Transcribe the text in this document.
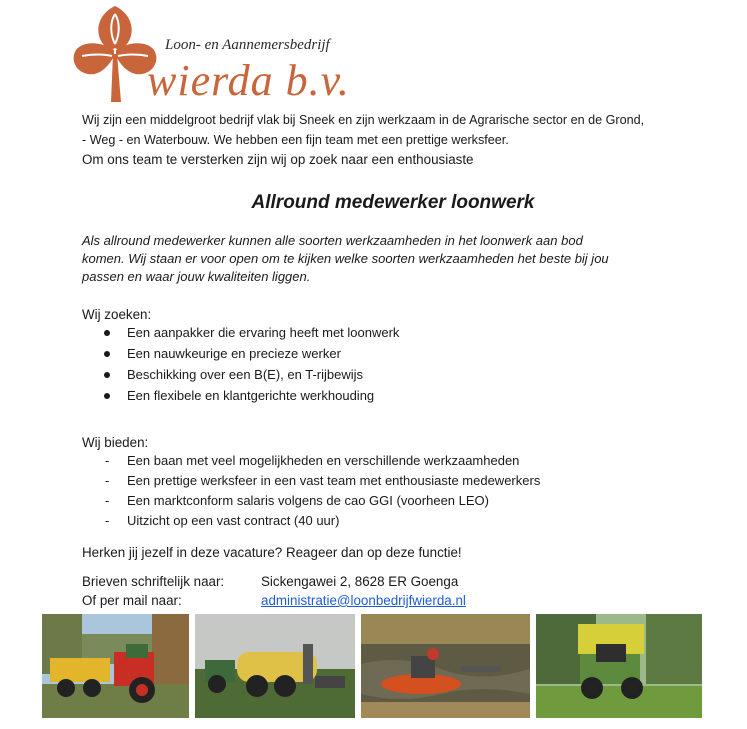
Loon- en Aannemersbedrijf
wierda b.v.
Wij zijn een middelgroot bedrijf vlak bij Sneek en zijn werkzaam in de Agrarische sector en de Grond,
- Weg - en Waterbouw. We hebben een fijn team met een prettige werksfeer.
Om ons team te versterken zijn wij op zoek naar een enthousiaste
Allround medewerker loonwerk
Als allround medewerker kunnen alle soorten werkzaamheden in het loonwerk aan bod
komen. Wij staan er voor open om te kijken welke soorten werkzaamheden het beste bij jou
passen en waar jouw kwaliteiten liggen.
Wij zoeken:
Een aanpakker die ervaring heeft met loonwerk
Een nauwkeurige en precieze werker
Beschikking over een B(E), en T-rijbewijs
Een flexibele en klantgerichte werkhouding
Wij bieden:
- Een baan met veel mogelijkheden en verschillende werkzaamheden
- Een prettige werksfeer in een vast team met enthousiaste medewerkers
- Een marktconform salaris volgens de cao GGI (voorheen LEO)
- Uitzicht op een vast contract (40 uur)
Herken jij jezelf in deze vacature? Reageer dan op deze functie!
Brieven schriftelijk naar:	Sickengawei 2, 8628 ER Goenga
Of per mail naar:	administratie@loonbedrijfwierda.nl
